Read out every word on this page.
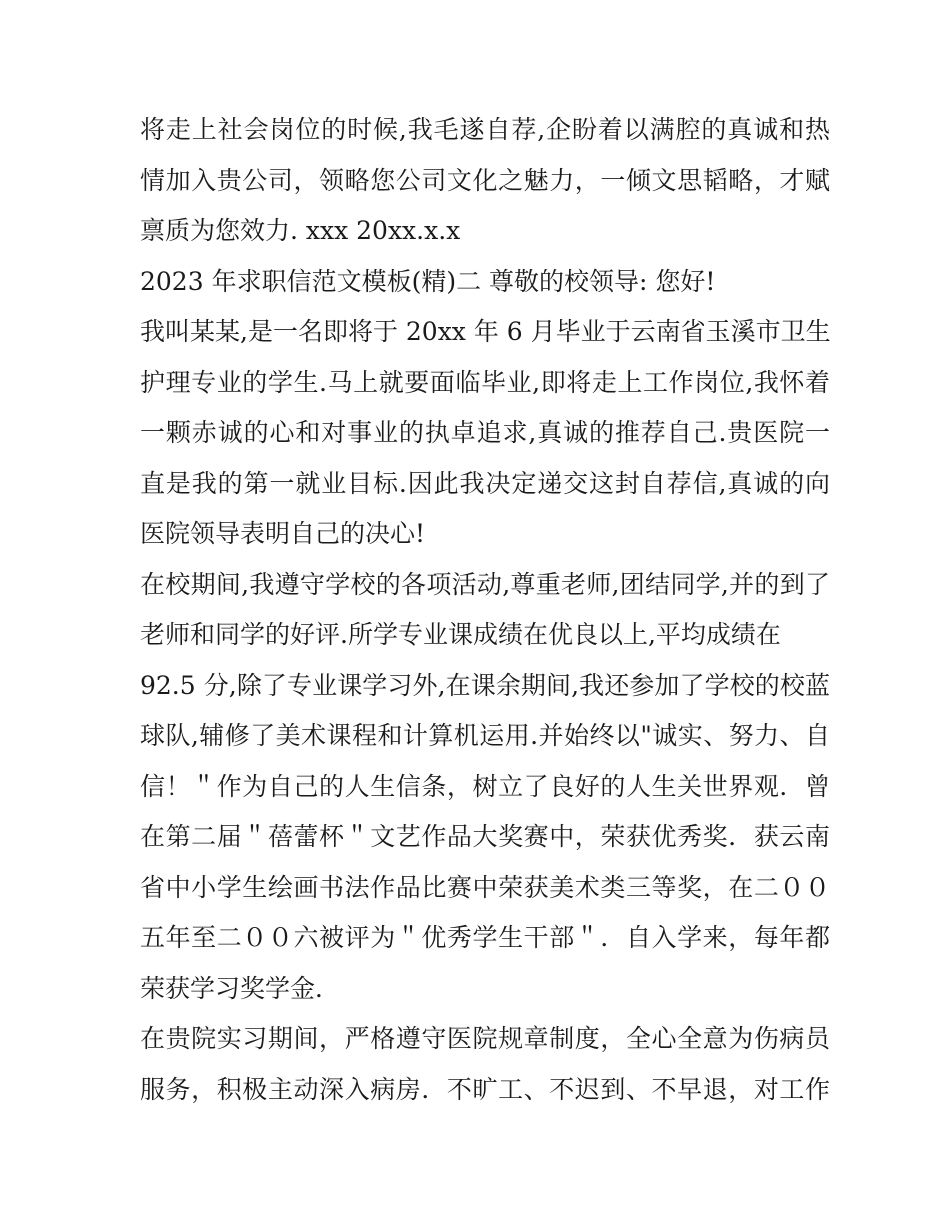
将走上社会岗位的时候,我毛遂自荐,企盼着以满腔的真诚和热
情加入贵公司，领略您公司文化之魅力，一倾文思韬略，才赋
禀质为您效力. xxx 20xx.x.x
2023 年求职信范文模板(精)二 尊敬的校领导: 您好!
我叫某某,是一名即将于 20xx 年 6 月毕业于云南省玉溪市卫生
护理专业的学生.马上就要面临毕业,即将走上工作岗位,我怀着
一颗赤诚的心和对事业的执卓追求,真诚的推荐自己.贵医院一
直是我的第一就业目标.因此我决定递交这封自荐信,真诚的向
医院领导表明自己的决心!
在校期间,我遵守学校的各项活动,尊重老师,团结同学,并的到了
老师和同学的好评.所学专业课成绩在优良以上,平均成绩在
92.5 分,除了专业课学习外,在课余期间,我还参加了学校的校蓝
球队,辅修了美术课程和计算机运用.并始终以"诚实、努力、自
信！＂作为自己的人生信条，树立了良好的人生关世界观．曾
在第二届＂蓓蕾杯＂文艺作品大奖赛中，荣获优秀奖．获云南
省中小学生绘画书法作品比赛中荣获美术类三等奖，在二００
五年至二００六被评为＂优秀学生干部＂．自入学来，每年都
荣获学习奖学金．
在贵院实习期间，严格遵守医院规章制度，全心全意为伤病员
服务，积极主动深入病房．不旷工、不迟到、不早退，对工作
